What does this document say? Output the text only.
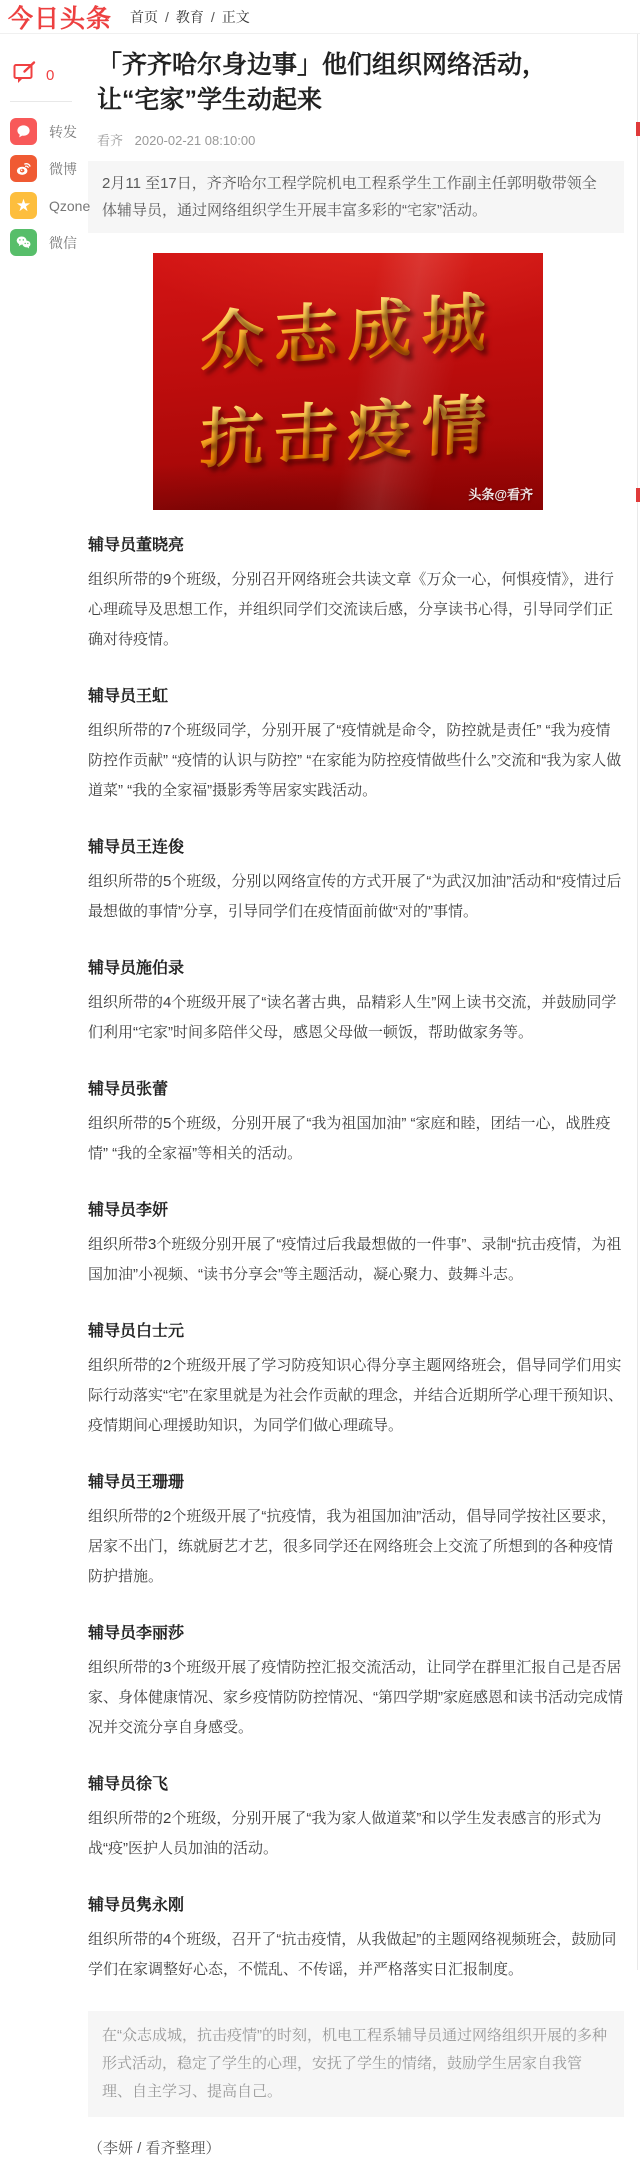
今日头条 首页	/ 教育	/ 正文
0
转发
微博
★ Qzone
微信
「齐齐哈尔身边事」他们组织网络活动，让“宅家”学生动起来
看齐 2020-02-21 08:10:00
2月11 至17日，齐齐哈尔工程学院机电工程系学生工作副主任郭明敬带领全体辅导员，通过网络组织学生开展丰富多彩的“宅家”活动。
众志成城
抗击疫情
头条@看齐
辅导员董晓亮

组织所带的9个班级，分别召开网络班会共读文章《万众一心，何惧疫情》，进行心理疏导及思想工作，并组织同学们交流读后感，分享读书心得，引导同学们正确对待疫情。

辅导员王虹

组织所带的7个班级同学，分别开展了“疫情就是命令，防控就是责任” “我为疫情防控作贡献” “疫情的认识与防控” “在家能为防控疫情做些什么”交流和“我为家人做道菜” “我的全家福”摄影秀等居家实践活动。

辅导员王连俊

组织所带的5个班级，分别以网络宣传的方式开展了“为武汉加油”活动和“疫情过后最想做的事情”分享，引导同学们在疫情面前做“对的”事情。

辅导员施伯录

组织所带的4个班级开展了“读名著古典，品精彩人生”网上读书交流，并鼓励同学们利用“宅家”时间多陪伴父母，感恩父母做一顿饭，帮助做家务等。

辅导员张蕾

组织所带的5个班级，分别开展了“我为祖国加油” “家庭和睦，团结一心，战胜疫情” “我的全家福”等相关的活动。

辅导员李妍

组织所带3个班级分别开展了“疫情过后我最想做的一件事”、录制“抗击疫情，为祖国加油”小视频、“读书分享会”等主题活动，凝心聚力、鼓舞斗志。

辅导员白士元

组织所带的2个班级开展了学习防疫知识心得分享主题网络班会，倡导同学们用实际行动落实“宅”在家里就是为社会作贡献的理念，并结合近期所学心理干预知识、疫情期间心理援助知识，为同学们做心理疏导。

辅导员王珊珊

组织所带的2个班级开展了“抗疫情，我为祖国加油”活动，倡导同学按社区要求，居家不出门，练就厨艺才艺，很多同学还在网络班会上交流了所想到的各种疫情防护措施。

辅导员李丽莎

组织所带的3个班级开展了疫情防控汇报交流活动，让同学在群里汇报自己是否居家、身体健康情况、家乡疫情防防控情况、“第四学期”家庭感恩和读书活动完成情况并交流分享自身感受。

辅导员徐飞

组织所带的2个班级，分别开展了“我为家人做道菜”和以学生发表感言的形式为战“疫”医护人员加油的活动。

辅导员隽永刚

组织所带的4个班级，召开了“抗击疫情，从我做起”的主题网络视频班会，鼓励同学们在家调整好心态，不慌乱、不传谣，并严格落实日汇报制度。

在“众志成城，抗击疫情”的时刻，机电工程系辅导员通过网络组织开展的多种形式活动，稳定了学生的心理，安抚了学生的情绪，鼓励学生居家自我管理、自主学习、提高自己。
（李妍 / 看齐整理）
